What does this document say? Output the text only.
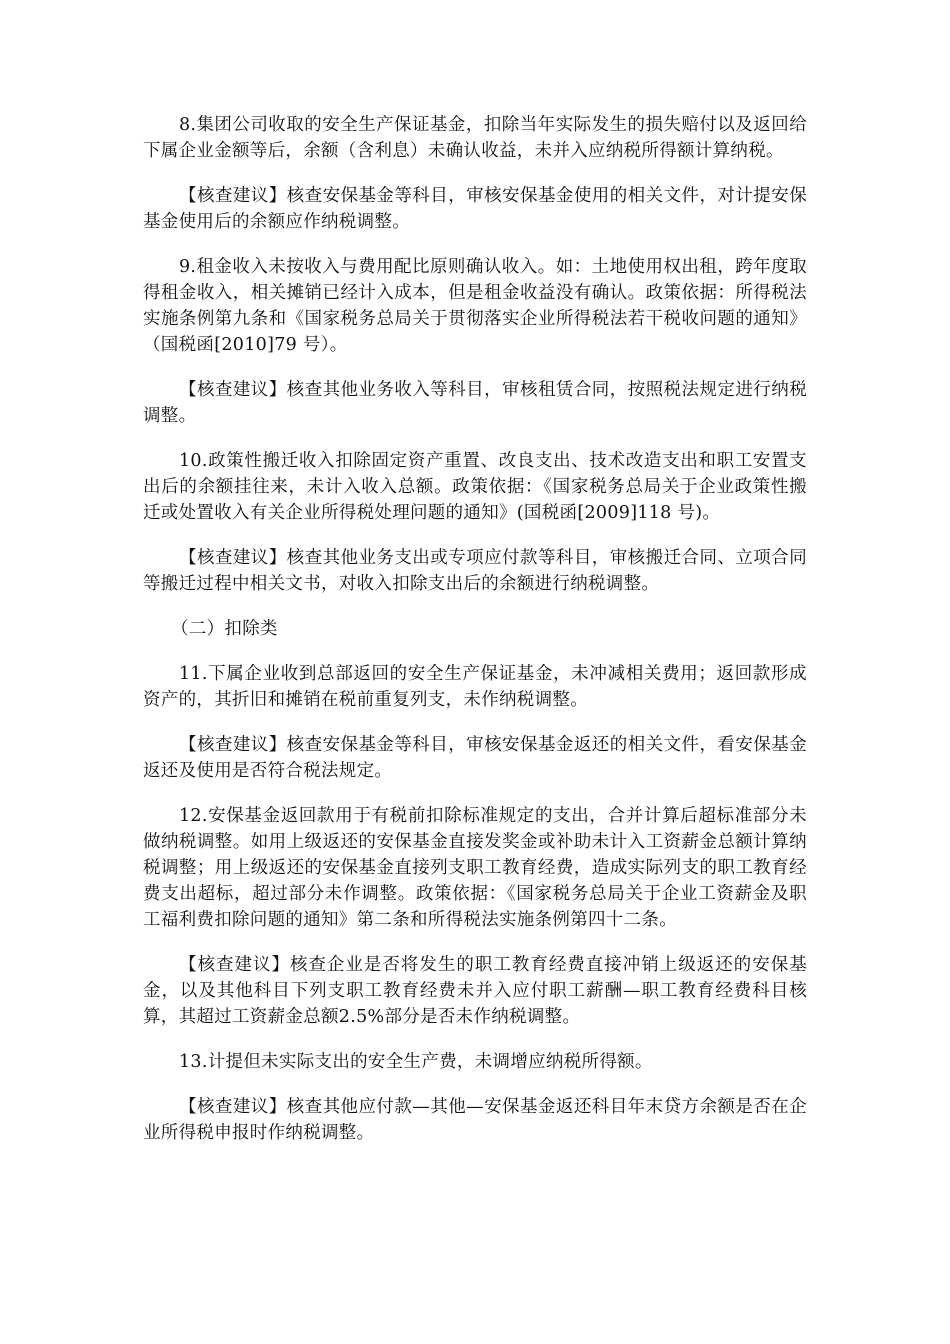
8.集团公司收取的安全生产保证基金，扣除当年实际发生的损失赔付以及返回给下属企业金额等后，余额（含利息）未确认收益，未并入应纳税所得额计算纳税。

【核查建议】核查安保基金等科目，审核安保基金使用的相关文件，对计提安保基金使用后的余额应作纳税调整。

9.租金收入未按收入与费用配比原则确认收入。如：土地使用权出租，跨年度取得租金收入，相关摊销已经计入成本，但是租金收益没有确认。政策依据：所得税法实施条例第九条和《国家税务总局关于贯彻落实企业所得税法若干税收问题的通知》（国税函[2010]79 号）。

【核查建议】核查其他业务收入等科目，审核租赁合同，按照税法规定进行纳税调整。

10.政策性搬迁收入扣除固定资产重置、改良支出、技术改造支出和职工安置支出后的余额挂往来，未计入收入总额。政策依据：《国家税务总局关于企业政策性搬迁或处置收入有关企业所得税处理问题的通知》(国税函[2009]118 号)。

【核查建议】核查其他业务支出或专项应付款等科目，审核搬迁合同、立项合同等搬迁过程中相关文书，对收入扣除支出后的余额进行纳税调整。

（二）扣除类

11.下属企业收到总部返回的安全生产保证基金，未冲减相关费用；返回款形成资产的，其折旧和摊销在税前重复列支，未作纳税调整。

【核查建议】核查安保基金等科目，审核安保基金返还的相关文件，看安保基金返还及使用是否符合税法规定。

12.安保基金返回款用于有税前扣除标准规定的支出，合并计算后超标准部分未做纳税调整。如用上级返还的安保基金直接发奖金或补助未计入工资薪金总额计算纳税调整；用上级返还的安保基金直接列支职工教育经费，造成实际列支的职工教育经费支出超标，超过部分未作调整。政策依据：《国家税务总局关于企业工资薪金及职工福利费扣除问题的通知》第二条和所得税法实施条例第四十二条。

【核查建议】核查企业是否将发生的职工教育经费直接冲销上级返还的安保基金，以及其他科目下列支职工教育经费未并入应付职工薪酬—职工教育经费科目核算，其超过工资薪金总额2.5%部分是否未作纳税调整。

13.计提但未实际支出的安全生产费，未调增应纳税所得额。

【核查建议】核查其他应付款—其他—安保基金返还科目年末贷方余额是否在企业所得税申报时作纳税调整。
